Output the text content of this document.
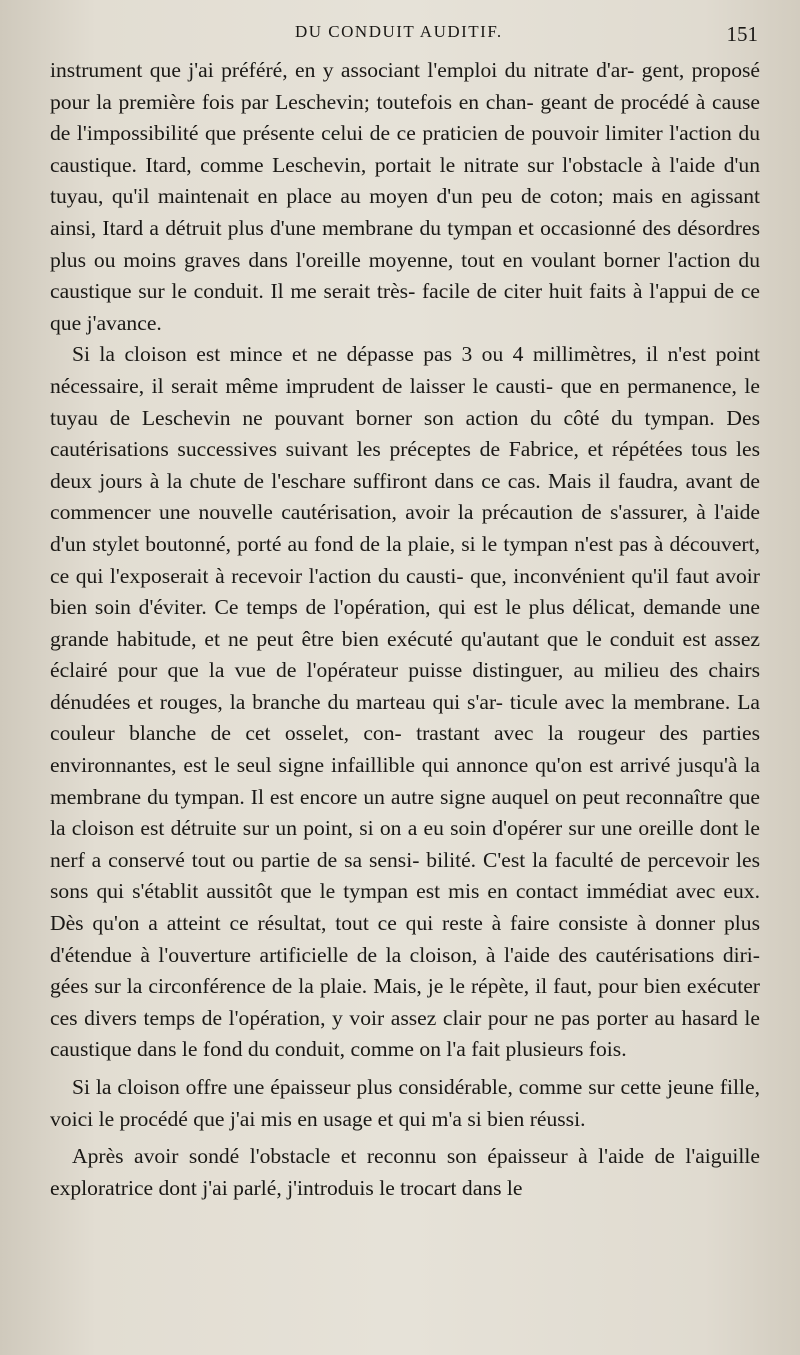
DU CONDUIT AUDITIF.	151

instrument que j'ai préféré, en y associant l'emploi du nitrate d'ar- gent, proposé pour la première fois par Leschevin; toutefois en chan- geant de procédé à cause de l'impossibilité que présente celui de ce praticien de pouvoir limiter l'action du caustique. Itard, comme Leschevin, portait le nitrate sur l'obstacle à l'aide d'un tuyau, qu'il maintenait en place au moyen d'un peu de coton; mais en agissant ainsi, Itard a détruit plus d'une membrane du tympan et occasionné des désordres plus ou moins graves dans l'oreille moyenne, tout en voulant borner l'action du caustique sur le conduit. Il me serait très- facile de citer huit faits à l'appui de ce que j'avance.

Si la cloison est mince et ne dépasse pas 3 ou 4 millimètres, il n'est point nécessaire, il serait même imprudent de laisser le causti- que en permanence, le tuyau de Leschevin ne pouvant borner son action du côté du tympan. Des cautérisations successives suivant les préceptes de Fabrice, et répétées tous les deux jours à la chute de l'eschare suffiront dans ce cas. Mais il faudra, avant de commencer une nouvelle cautérisation, avoir la précaution de s'assurer, à l'aide d'un stylet boutonné, porté au fond de la plaie, si le tympan n'est pas à découvert, ce qui l'exposerait à recevoir l'action du causti- que, inconvénient qu'il faut avoir bien soin d'éviter. Ce temps de l'opération, qui est le plus délicat, demande une grande habitude, et ne peut être bien exécuté qu'autant que le conduit est assez éclairé pour que la vue de l'opérateur puisse distinguer, au milieu des chairs dénudées et rouges, la branche du marteau qui s'ar- ticule avec la membrane. La couleur blanche de cet osselet, con- trastant avec la rougeur des parties environnantes, est le seul signe infaillible qui annonce qu'on est arrivé jusqu'à la membrane du tympan. Il est encore un autre signe auquel on peut reconnaître que la cloison est détruite sur un point, si on a eu soin d'opérer sur une oreille dont le nerf a conservé tout ou partie de sa sensi- bilité. C'est la faculté de percevoir les sons qui s'établit aussitôt que le tympan est mis en contact immédiat avec eux. Dès qu'on a atteint ce résultat, tout ce qui reste à faire consiste à donner plus d'étendue à l'ouverture artificielle de la cloison, à l'aide des cautérisations diri- gées sur la circonférence de la plaie. Mais, je le répète, il faut, pour bien exécuter ces divers temps de l'opération, y voir assez clair pour ne pas porter au hasard le caustique dans le fond du conduit, comme on l'a fait plusieurs fois.

Si la cloison offre une épaisseur plus considérable, comme sur cette jeune fille, voici le procédé que j'ai mis en usage et qui m'a si bien réussi.

Après avoir sondé l'obstacle et reconnu son épaisseur à l'aide de l'aiguille exploratrice dont j'ai parlé, j'introduis le trocart dans le
